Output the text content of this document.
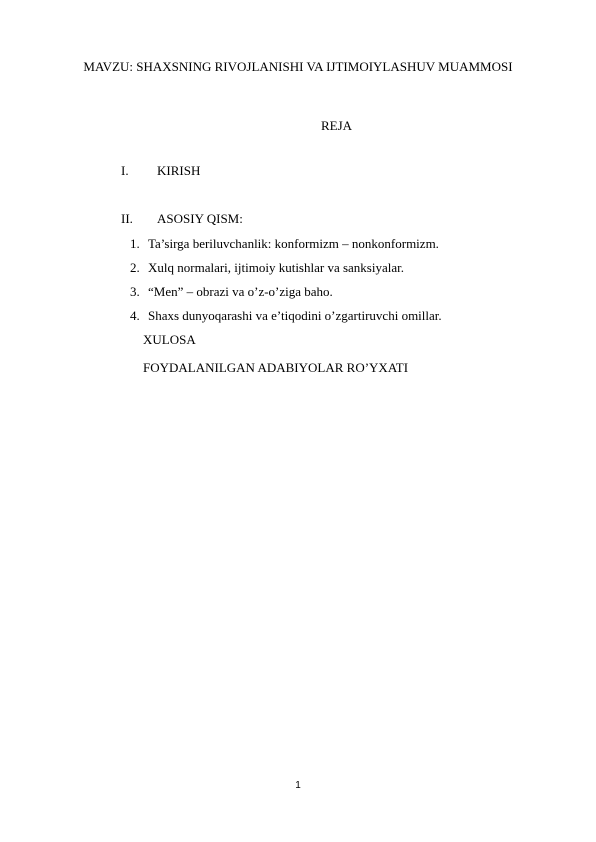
MAVZU: SHAXSNING RIVOJLANISHI VA IJTIMOIYLASHUV MUAMMOSI
REJA
I. KIRISH
II. ASOSIY QISM:
1. Ta’sirga beriluvchanlik: konformizm – nonkonformizm.
2. Xulq normalari, ijtimoiy kutishlar va sanksiyalar.
3. “Men” – obrazi va o’z-o’ziga baho.
4. Shaxs dunyoqarashi va e’tiqodini o’zgartiruvchi omillar.
XULOSA
FOYDALANILGAN ADABIYOLAR RO’YXATI
1
